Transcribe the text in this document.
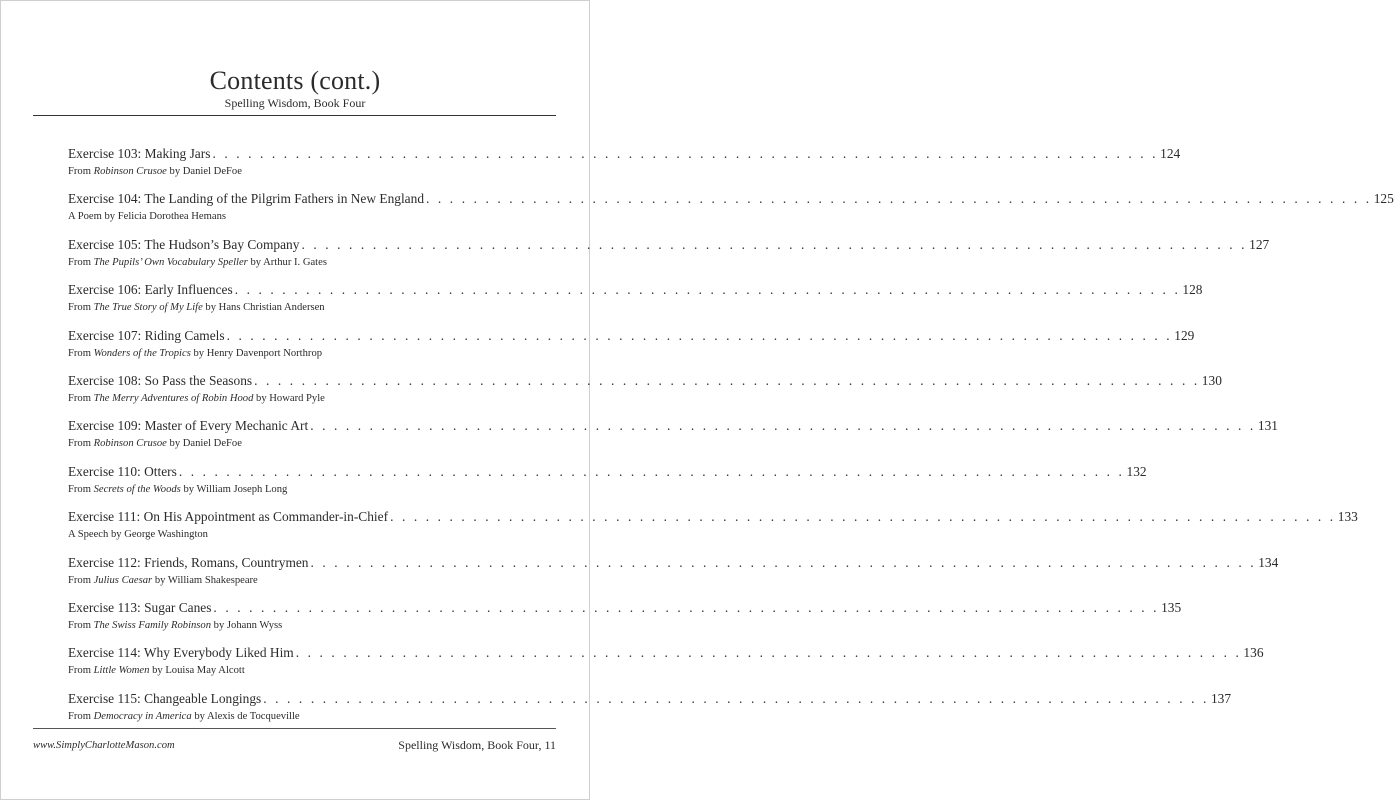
Contents (cont.)
Spelling Wisdom, Book Four
Exercise 103: Making Jars . . . . . . . . . . . . . . . . . . . . . . . . . . . . . . . . . . . . . . . . . . . . . . . . . . . . . . . . . . . . . . . . . . . . . . . . . . . . . . . . 124
From Robinson Crusoe by Daniel DeFoe
Exercise 104: The Landing of the Pilgrim Fathers in New England . . . . . . . . . . . . . . . . . . . . . . . . . . . . . . . . . . . . . . . . . . . . . . . . . . . . . . . . . . . . . . . . . . . . . . . . . . . . . . . . 125
A Poem by Felicia Dorothea Hemans
Exercise 105: The Hudson’s Bay Company . . . . . . . . . . . . . . . . . . . . . . . . . . . . . . . . . . . . . . . . . . . . . . . . . . . . . . . . . . . . . . . . . . . . . . . . . . . . . . . . 127
From The Pupils’ Own Vocabulary Speller by Arthur I. Gates
Exercise 106: Early Influences . . . . . . . . . . . . . . . . . . . . . . . . . . . . . . . . . . . . . . . . . . . . . . . . . . . . . . . . . . . . . . . . . . . . . . . . . . . . . . . . 128
From The True Story of My Life by Hans Christian Andersen
Exercise 107: Riding Camels . . . . . . . . . . . . . . . . . . . . . . . . . . . . . . . . . . . . . . . . . . . . . . . . . . . . . . . . . . . . . . . . . . . . . . . . . . . . . . . . 129
From Wonders of the Tropics by Henry Davenport Northrop
Exercise 108: So Pass the Seasons . . . . . . . . . . . . . . . . . . . . . . . . . . . . . . . . . . . . . . . . . . . . . . . . . . . . . . . . . . . . . . . . . . . . . . . . . . . . . . . . 130
From The Merry Adventures of Robin Hood by Howard Pyle
Exercise 109: Master of Every Mechanic Art . . . . . . . . . . . . . . . . . . . . . . . . . . . . . . . . . . . . . . . . . . . . . . . . . . . . . . . . . . . . . . . . . . . . . . . . . . . . . . . . 131
From Robinson Crusoe by Daniel DeFoe
Exercise 110: Otters . . . . . . . . . . . . . . . . . . . . . . . . . . . . . . . . . . . . . . . . . . . . . . . . . . . . . . . . . . . . . . . . . . . . . . . . . . . . . . . . 132
From Secrets of the Woods by William Joseph Long
Exercise 111: On His Appointment as Commander-in-Chief . . . . . . . . . . . . . . . . . . . . . . . . . . . . . . . . . . . . . . . . . . . . . . . . . . . . . . . . . . . . . . . . . . . . . . . . . . . . . . . . 133
A Speech by George Washington
Exercise 112: Friends, Romans, Countrymen . . . . . . . . . . . . . . . . . . . . . . . . . . . . . . . . . . . . . . . . . . . . . . . . . . . . . . . . . . . . . . . . . . . . . . . . . . . . . . . . 134
From Julius Caesar by William Shakespeare
Exercise 113: Sugar Canes . . . . . . . . . . . . . . . . . . . . . . . . . . . . . . . . . . . . . . . . . . . . . . . . . . . . . . . . . . . . . . . . . . . . . . . . . . . . . . . . 135
From The Swiss Family Robinson by Johann Wyss
Exercise 114: Why Everybody Liked Him . . . . . . . . . . . . . . . . . . . . . . . . . . . . . . . . . . . . . . . . . . . . . . . . . . . . . . . . . . . . . . . . . . . . . . . . . . . . . . . . 136
From Little Women by Louisa May Alcott
Exercise 115: Changeable Longings . . . . . . . . . . . . . . . . . . . . . . . . . . . . . . . . . . . . . . . . . . . . . . . . . . . . . . . . . . . . . . . . . . . . . . . . . . . . . . . . 137
From Democracy in America by Alexis de Tocqueville
www.SimplyCharlotteMason.com	Spelling Wisdom, Book Four, 11
